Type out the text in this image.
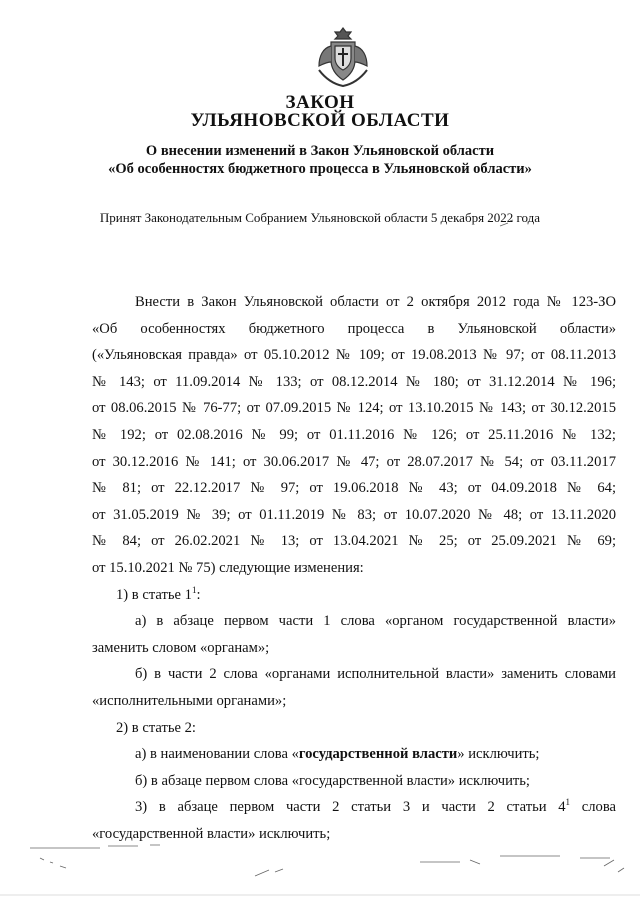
ЗАКОН
УЛЬЯНОВСКОЙ ОБЛАСТИ
О внесении изменений в Закон Ульяновской области
«Об особенностях бюджетного процесса в Ульяновской области»
Принят Законодательным Собранием Ульяновской области 5 декабря 2022 года

Внести в Закон Ульяновской области от 2 октября 2012 года № 123-ЗО

«Об особенностях бюджетного процесса в Ульяновской области»

(«Ульяновская правда» от 05.10.2012 № 109; от 19.08.2013 № 97; от 08.11.2013

№ 143; от 11.09.2014 № 133; от 08.12.2014 № 180; от 31.12.2014 № 196;

от 08.06.2015 № 76-77; от 07.09.2015 № 124; от 13.10.2015 № 143; от 30.12.2015

№ 192; от 02.08.2016 № 99; от 01.11.2016 № 126; от 25.11.2016 № 132;

от 30.12.2016 № 141; от 30.06.2017 № 47; от 28.07.2017 № 54; от 03.11.2017

№ 81; от 22.12.2017 № 97; от 19.06.2018 № 43; от 04.09.2018 № 64;

от 31.05.2019 № 39; от 01.11.2019 № 83; от 10.07.2020 № 48; от 13.11.2020

№ 84; от 26.02.2021 № 13; от 13.04.2021 № 25; от 25.09.2021 № 69;

от 15.10.2021 № 75) следующие изменения:

1) в статье $1^1$:

а) в абзаце первом части 1 слова «органом государственной власти»

заменить словом «органам»;

б) в части 2 слова «органами исполнительной власти» заменить словами

«исполнительными органами»;

2) в статье 2:

а) в наименовании слова «государственной власти» исключить;

б) в абзаце первом слова «государственной власти» исключить;

3) в абзаце первом части 2 статьи 3 и части 2 статьи $4^1$ слова

«государственной власти» исключить;
